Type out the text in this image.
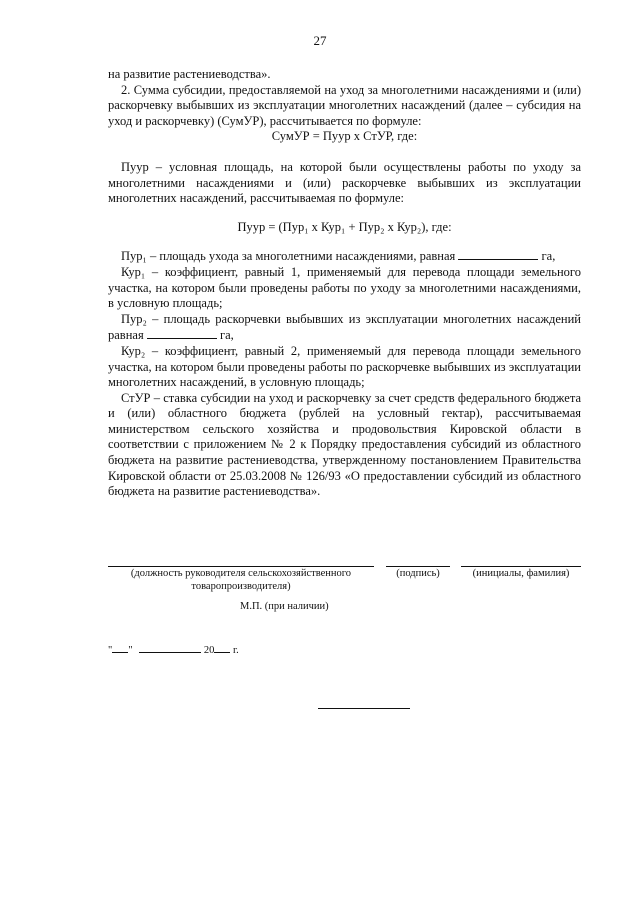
27

на развитие растениеводства».

2. Сумма субсидии, предоставляемой на уход за многолетними насаждениями и (или) раскорчевку выбывших из эксплуатации многолетних насаждений (далее – субсидия на уход и раскорчевку) (СумУР), рассчитывается по формуле:

СумУР = Пуур x СтУР, где:

Пуур – условная площадь, на которой были осуществлены работы по уходу за многолетними насаждениями и (или) раскорчевке выбывших из эксплуатации многолетних насаждений, рассчитываемая по формуле:

Пуур = (Пур₁ x Кур₁ + Пур₂ x Кур₂), где:

Пур₁ – площадь ухода за многолетними насаждениями, равная	га,

Кур₁ – коэффициент, равный 1, применяемый для перевода площади земельного участка, на котором были проведены работы по уходу за многолетними насаждениями, в условную площадь;

Пур₂ – площадь раскорчевки выбывших из эксплуатации многолетних насаждений равная	га,

Кур₂ – коэффициент, равный 2, применяемый для перевода площади земельного участка, на котором были проведены работы по раскорчевке выбывших из эксплуатации многолетних насаждений, в условную площадь;

СтУР – ставка субсидии на уход и раскорчевку за счет средств федерального бюджета и (или) областного бюджета (рублей на условный гектар), рассчитываемая министерством сельского хозяйства и продовольствия Кировской области в соответствии с приложением № 2 к Порядку предоставления субсидий из областного бюджета на развитие растениеводства, утвержденному постановлением Правительства Кировской области от 25.03.2008 № 126/93 «О предоставлении субсидий из областного бюджета на развитие растениеводства».

(должность руководителя сельскохозяйственного товаропроизводителя)
(подпись)	(инициалы, фамилия)
М.П. (при наличии)
" "	20 г.
